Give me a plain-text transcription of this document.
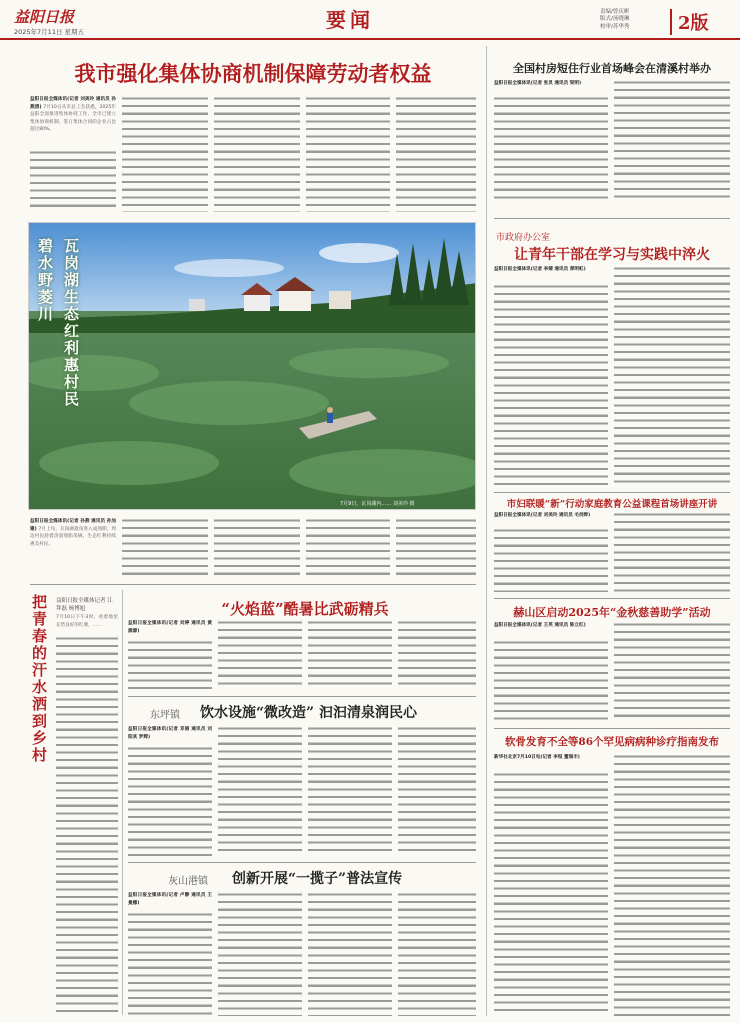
益阳日报
2025年7月11日 星期五	要闻	责编/曾庆彬
版式/汤晓琳
校审/苏华秀	2版
我市强化集体协商机制保障劳动者权益
益阳日报全媒体讯(记者 刘美玲 通讯员 孙燕清) 7月10日从市总工会获悉，2025年益阳全面推进集体协商工作，全市已建立集体协商机制、签订集体合同的企业占比超过80%。
碧水野菱川
瓦岗湖生态红利惠村民
7月9日，瓦岗湖内…… 刘美玲 摄
益阳日报全媒体讯(记者 孙燕 通讯员 孙加建) 7月上旬，瓦岗湖菱角进入成熟期，周边村民趁着清晨划船采摘，生态红利持续惠及村民。
把青春的汗水洒到乡村
益阳日报全媒体记者 江拜磊 杨博旭
7月10日下午3时，看着地里长势良好的红薯，……
“火焰蓝”酷暑比武砺精兵
益阳日报全媒体讯(记者 刘婷 通讯员 黄源源)
东坪镇 饮水设施“微改造” 汩汩清泉润民心
益阳日报全媒体讯(记者 邓丽 通讯员 刘阳其 罗辉)
灰山港镇 创新开展“一揽子”普法宣传
益阳日报全媒体讯(记者 卢静 通讯员 王曼娜)
全国村房短住行业首场峰会在清溪村举办
益阳日报全媒体讯(记者 张灵 通讯员 梁明)
市政府办公室
让青年干部在学习与实践中淬火
益阳日报全媒体讯(记者 李婧 通讯员 厚明虹)
市妇联暖“新”行动家庭教育公益课程首场讲座开讲
益阳日报全媒体讯(记者 刘美玲 通讯员 毛剑烨)
赫山区启动2025年“金秋慈善助学”活动
益阳日报全媒体讯(记者 王英 通讯员 陈立红)
软骨发育不全等86个罕见病病种诊疗指南发布
新华社北京7月10日电(记者 李恒 董瑞丰)
